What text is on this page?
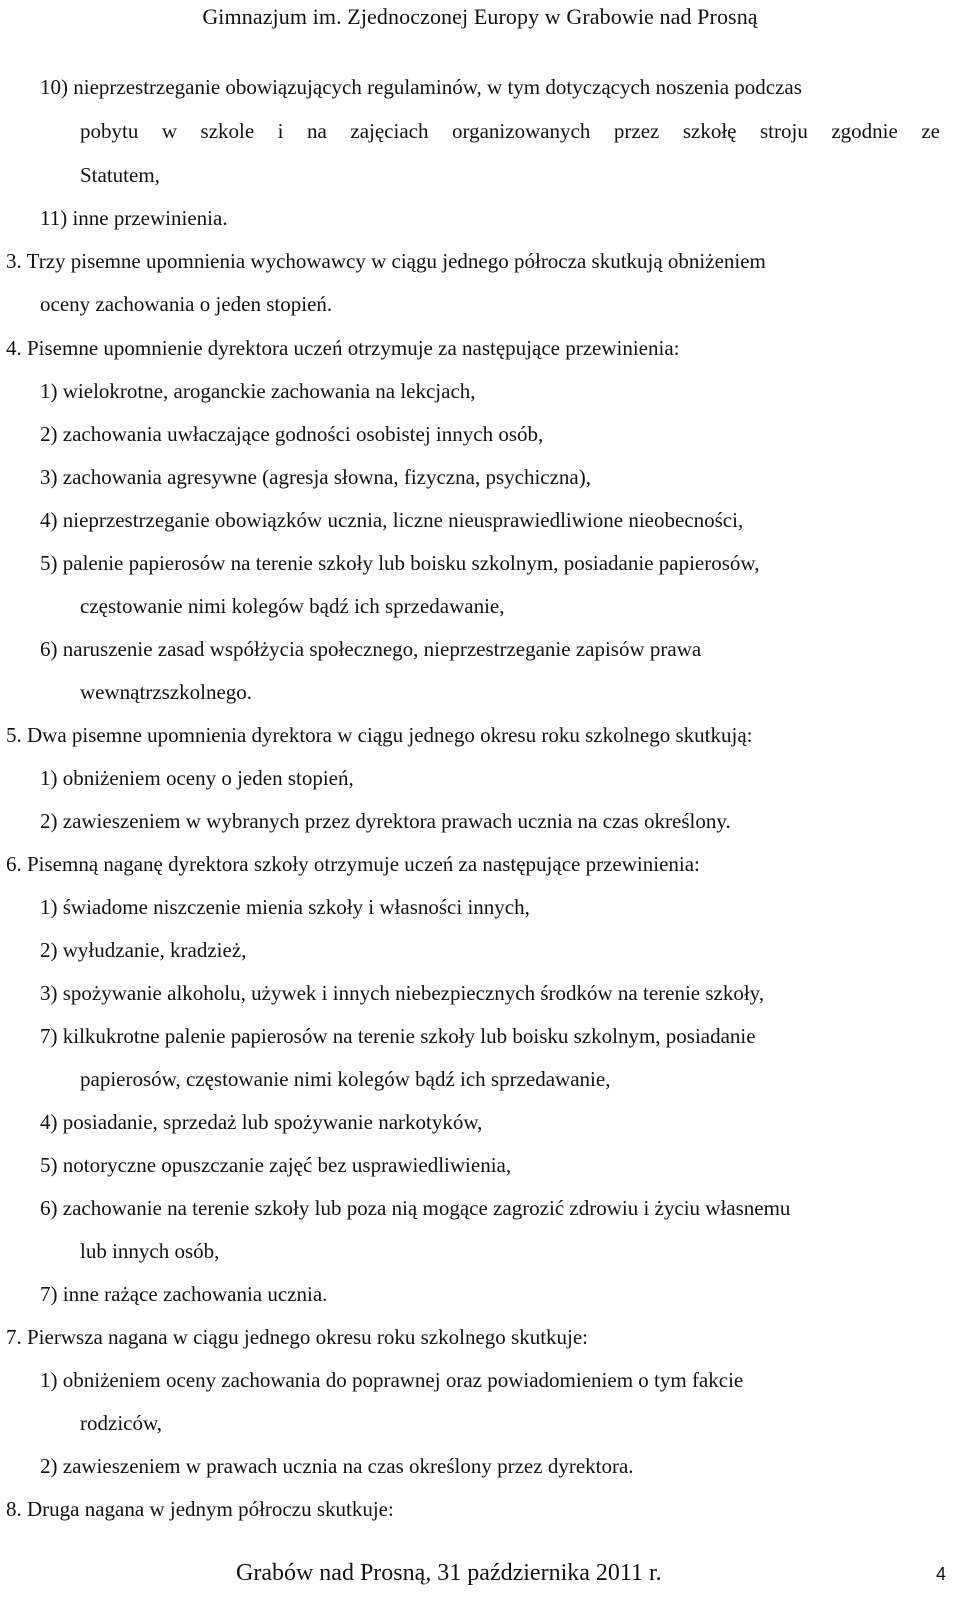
Gimnazjum im. Zjednoczonej Europy w Grabowie nad Prosną
10) nieprzestrzeganie obowiązujących regulaminów, w tym dotyczących noszenia podczas
pobytu w szkole i na zajęciach organizowanych przez szkołę stroju zgodnie ze
Statutem,
11) inne przewinienia.
3. Trzy pisemne upomnienia wychowawcy w ciągu jednego półrocza skutkują obniżeniem
oceny zachowania o jeden stopień.
4. Pisemne upomnienie dyrektora uczeń otrzymuje za następujące przewinienia:
1) wielokrotne, aroganckie zachowania na lekcjach,
2) zachowania uwłaczające godności osobistej innych osób,
3) zachowania agresywne (agresja słowna, fizyczna, psychiczna),
4) nieprzestrzeganie obowiązków ucznia, liczne nieusprawiedliwione nieobecności,
5) palenie papierosów na terenie szkoły lub boisku szkolnym, posiadanie papierosów,
częstowanie nimi kolegów bądź ich sprzedawanie,
6) naruszenie zasad współżycia społecznego, nieprzestrzeganie zapisów prawa
wewnątrzszkolnego.
5. Dwa pisemne upomnienia dyrektora w ciągu jednego okresu roku szkolnego skutkują:
1) obniżeniem oceny o jeden stopień,
2) zawieszeniem w wybranych przez dyrektora prawach ucznia na czas określony.
6. Pisemną naganę dyrektora szkoły otrzymuje uczeń za następujące przewinienia:
1) świadome niszczenie mienia szkoły i własności innych,
2) wyłudzanie, kradzież,
3) spożywanie alkoholu, używek i innych niebezpiecznych środków na terenie szkoły,
7) kilkukrotne palenie papierosów na terenie szkoły lub boisku szkolnym, posiadanie
papierosów, częstowanie nimi kolegów bądź ich sprzedawanie,
4) posiadanie, sprzedaż lub spożywanie narkotyków,
5) notoryczne opuszczanie zajęć bez usprawiedliwienia,
6) zachowanie na terenie szkoły lub poza nią mogące zagrozić zdrowiu i życiu własnemu
lub innych osób,
7) inne rażące zachowania ucznia.
7. Pierwsza nagana w ciągu jednego okresu roku szkolnego skutkuje:
1) obniżeniem oceny zachowania do poprawnej oraz powiadomieniem o tym fakcie
rodziców,
2) zawieszeniem w prawach ucznia na czas określony przez dyrektora.
8. Druga nagana w jednym półroczu skutkuje:
Grabów nad Prosną, 31 października 2011 r.	4
